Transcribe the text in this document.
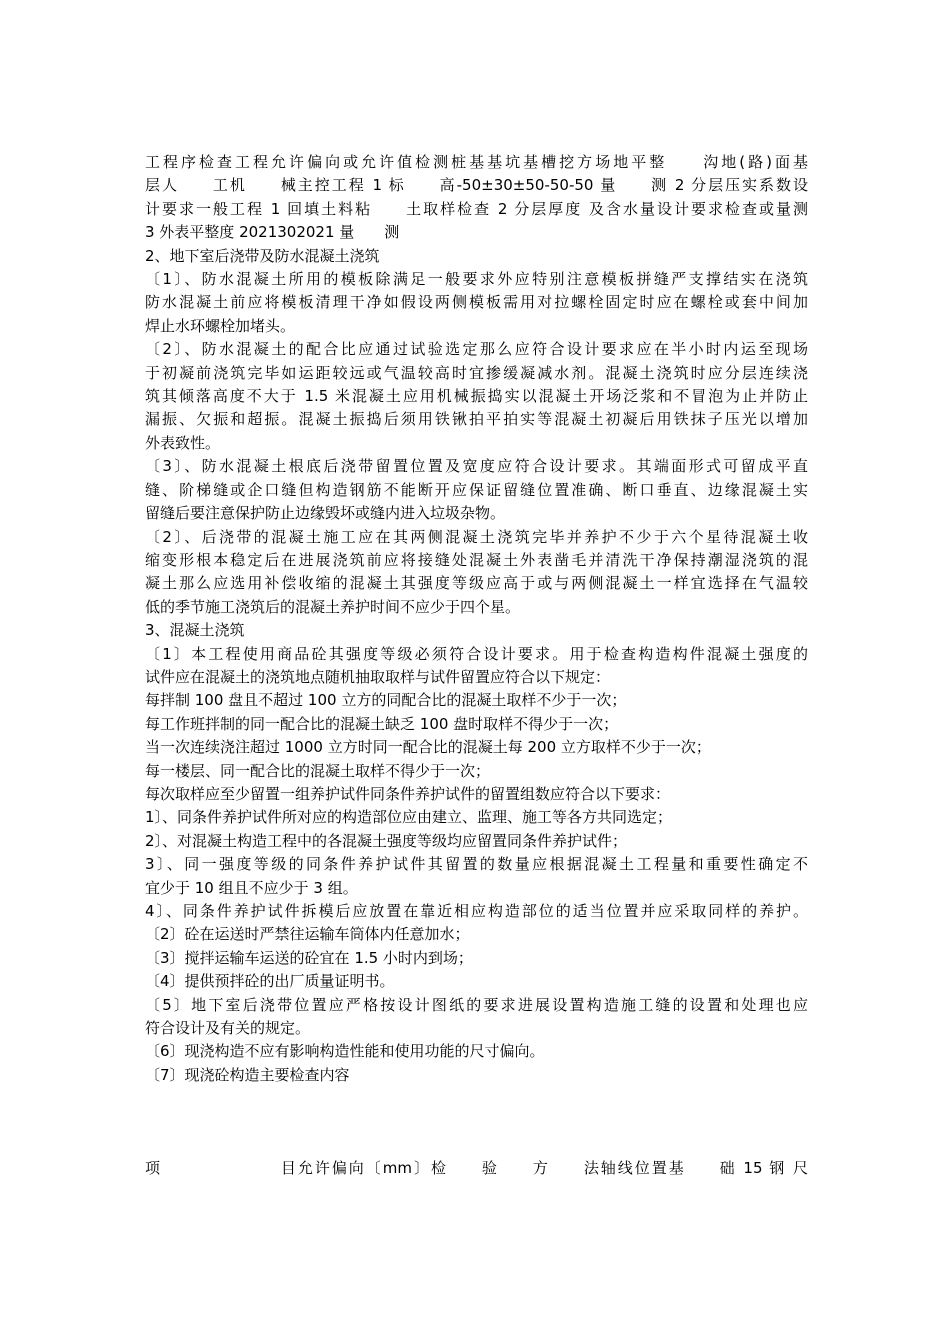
工程序检查工程允许偏向或允许值检测桩基基坑基槽挖方场地平整　　沟地(路)面基
层人　　工机　　械主控工程 1 标　　高-50±30±50-50-50 量　　测 2 分层压实系数设
计要求一般工程 1 回填土料粘　　土取样检查 2 分层厚度 及含水量设计要求检查或量测
3 外表平整度 2021302021 量　　测
2、地下室后浇带及防水混凝土浇筑
〔1〕、防水混凝土所用的模板除满足一般要求外应特别注意模板拼缝严支撑结实在浇筑
防水混凝土前应将模板清理干净如假设两侧模板需用对拉螺栓固定时应在螺栓或套中间加
焊止水环螺栓加堵头。
〔2〕、防水混凝土的配合比应通过试验选定那么应符合设计要求应在半小时内运至现场
于初凝前浇筑完毕如运距较远或气温较高时宜掺缓凝减水剂。混凝土浇筑时应分层连续浇
筑其倾落高度不大于 1.5 米混凝土应用机械振捣实以混凝土开场泛浆和不冒泡为止并防止
漏振、欠振和超振。混凝土振捣后须用铁锹拍平拍实等混凝土初凝后用铁抹子压光以增加
外表致性。
〔3〕、防水混凝土根底后浇带留置位置及宽度应符合设计要求。其端面形式可留成平直
缝、阶梯缝或企口缝但构造钢筋不能断开应保证留缝位置准确、断口垂直、边缘混凝土实
留缝后要注意保护防止边缘毁坏或缝内进入垃圾杂物。
〔2〕、后浇带的混凝土施工应在其两侧混凝土浇筑完毕并养护不少于六个星待混凝土收
缩变形根本稳定后在进展浇筑前应将接缝处混凝土外表凿毛并清洗干净保持潮湿浇筑的混
凝土那么应选用补偿收缩的混凝土其强度等级应高于或与两侧混凝土一样宜选择在气温较
低的季节施工浇筑后的混凝土养护时间不应少于四个星。
3、混凝土浇筑
〔1〕本工程使用商品砼其强度等级必须符合设计要求。用于检查构造构件混凝土强度的
试件应在混凝土的浇筑地点随机抽取取样与试件留置应符合以下规定：
每拌制 100 盘且不超过 100 立方的同配合比的混凝土取样不少于一次；
每工作班拌制的同一配合比的混凝土缺乏 100 盘时取样不得少于一次；
当一次连续浇注超过 1000 立方时同一配合比的混凝土每 200 立方取样不少于一次；
每一楼层、同一配合比的混凝土取样不得少于一次；
每次取样应至少留置一组养护试件同条件养护试件的留置组数应符合以下要求：
1〕、同条件养护试件所对应的构造部位应由建立、监理、施工等各方共同选定；
2〕、对混凝土构造工程中的各混凝土强度等级均应留置同条件养护试件；
3〕、同一强度等级的同条件养护试件其留置的数量应根据混凝土工程量和重要性确定不
宜少于 10 组且不应少于 3 组。
4〕、同条件养护试件拆模后应放置在靠近相应构造部位的适当位置并应采取同样的养护。
〔2〕砼在运送时严禁往运输车筒体内任意加水；
〔3〕搅拌运输车运送的砼宜在 1.5 小时内到场；
〔4〕提供预拌砼的出厂质量证明书。
〔5〕地下室后浇带位置应严格按设计图纸的要求进展设置构造施工缝的设置和处理也应
符合设计及有关的规定。
〔6〕现浇构造不应有影响构造性能和使用功能的尺寸偏向。
〔7〕现浇砼构造主要检查内容
项　　　　　　　目允许偏向〔mm〕检　　验　　方　　法轴线位置基　　础 15 钢 尺
